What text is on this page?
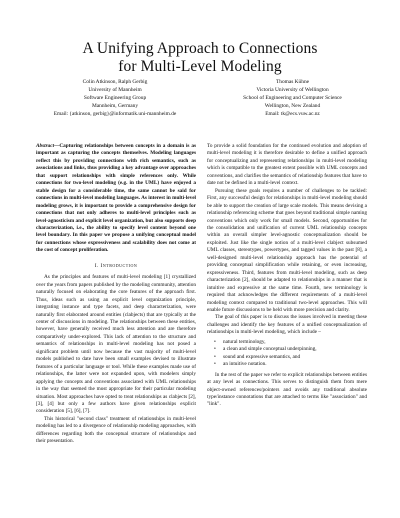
A Unifying Approach to Connections
for Multi-Level Modeling
Colin Atkinson, Ralph Gerbig
University of Mannheim
Software Engineering Group
Mannheim, Germany
Email: {atkinson, gerbig}@informatik.uni-mannheim.de
Thomas Kühne
Victoria University of Wellington
School of Engineering and Computer Science
Wellington, New Zealand
Email: tk@ecs.vuw.ac.nz

Abstract—Capturing relationships between concepts in a domain is as important as capturing the concepts themselves. Modeling languages reflect this by providing connections with rich semantics, such as associations and links, thus providing a key advantage over approaches that support relationships with simple references only. While connections for two-level modeling (e.g. in the UML) have enjoyed a stable design for a considerable time, the same cannot be said for connections in multi-level modeling languages. As interest in multi-level modeling grows, it is important to provide a comprehensive design for connections that not only adheres to multi-level principles such as level-agnosticism and explicit level organization, but also supports deep characterization, i.e., the ability to specify level content beyond one level boundary. In this paper we propose a unifying conceptual model for connections whose expressiveness and scalability does not come at the cost of concept proliferation.

I. Introduction

As the principles and features of multi-level modeling [1] crystallized over the years from papers published by the modeling community, attention naturally focused on elaborating the core features of the approach first. Thus, ideas such as using an explicit level organization principle, integrating instance and type facets, and deep characterization, were naturally first elaborated around entities (clabjects) that are typically at the center of discussions in modeling. The relationships between these entities, however, have generally received much less attention and are therefore comparatively under-explored. This lack of attention to the structure and semantics of relationships in multi-level modeling has not posed a significant problem until now because the vast majority of multi-level models published to date have been small examples devised to illustrate features of a particular language or tool. While these examples made use of relationships, the latter were not expanded upon, with modelers simply applying the concepts and conventions associated with UML relationships in the way that seemed the most appropriate for their particular modeling situation. Most approaches have opted to treat relationships as clabjects [2], [3], [4] but only a few authors have given relationships explicit consideration [5], [6], [7].

This historical "second class" treatment of relationships in multi-level modeling has led to a divergence of relationship modeling approaches, with differences regarding both the conceptual structure of relationships and their presentation.

To provide a solid foundation for the continued evolution and adoption of multi-level modeling it is therefore desirable to define a unified approach for conceptualizing and representing relationships in multi-level modeling which is compatible to the greatest extent possible with UML concepts and conventions, and clarifies the semantics of relationship features that have to date not be defined in a multi-level context.

Pursuing these goals requires a number of challenges to be tackled: First, any successful design for relationships in multi-level modeling should be able to support the creation of large scale models. This means devising a relationship referencing scheme that goes beyond traditional simple naming conventions which only work for small models. Second, opportunities for the consolidation and unification of current UML relationship concepts within an overall simpler level-agnostic conceptualization should be exploited. Just like the single notion of a multi-level clabject subsumed UML classes, stereotypes, powertypes, and tagged values in the past [8], a well-designed multi-level relationship approach has the potential of providing conceptual simplification while retaining, or even increasing, expressiveness. Third, features from multi-level modeling, such as deep characterization [2], should be adapted to relationships in a manner that is intuitive and expressive at the same time. Fourth, new terminology is required that acknowledges the different requirements of a multi-level modeling context compared to traditional two-level approaches. This will enable future discussions to be held with more precision and clarity.

The goal of this paper is to discuss the issues involved in meeting these challenges and identify the key features of a unified conceptualization of relationships in multi-level modeling, which include –

• natural terminology,
• a clean and simple conceptual underpinning,
• sound and expressive semantics, and
• an intuitive notation.

In the rest of the paper we refer to explicit relationships between entities at any level as connections. This serves to distinguish them from mere object-owned references/pointers and avoids any traditional absolute type/instance connotations that are attached to terms like "association" and "link".
